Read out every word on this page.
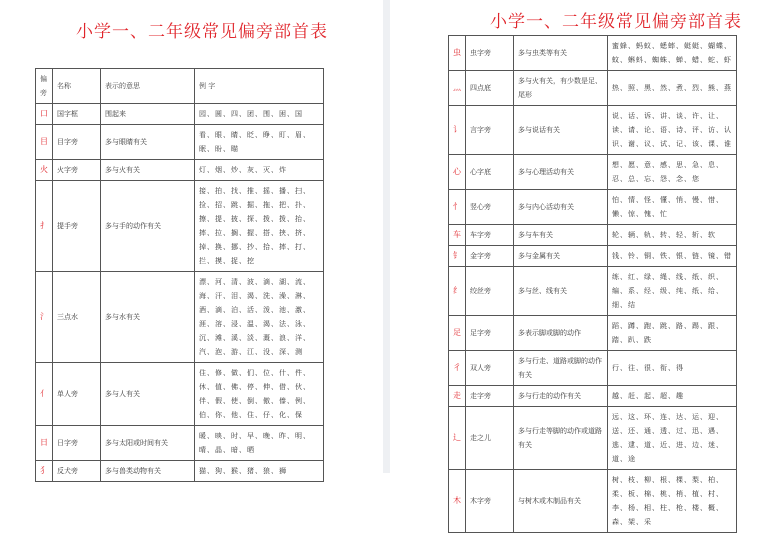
小学一、二年级常见偏旁部首表
偏旁	名称	表示的意思	例 字
口	国字框	围起来	园、圆、四、团、围、困、国
目	目字旁	多与眼睛有关	看、眼、睛、眨、睁、盯、眉、眠、盼、瞄
火	火字旁	多与火有关	灯、烟、炒、灰、灭、炸
扌	提手旁	多与手的动作有关	接、拍、找、推、摇、播、扫、捡、招、跳、掘、拖、把、扑、擦、提、披、探、拨、拨、抬、摔、拉、搁、握、搭、挟、挤、掉、换、挪、抄、拾、摔、打、拦、摸、捉、挖
氵	三点水	多与水有关	漂、河、清、波、滴、湖、流、海、汗、泪、渴、洗、澡、淋、酒、滴、泊、活、泼、池、激、涯、溶、浸、温、渴、法、泳、沉、滩、溪、淡、溉、浪、洋、汽、泡、游、江、没、深、测
亻	单人旁	多与人有关	住、修、做、们、位、什、件、休、值、佛、停、伸、借、伙、伴、假、使、倒、傲、傣、例、伯、你、他、住、仔、化、保
日	日字旁	多与太阳或时间有关	暖、映、时、早、晚、昨、明、晴、晶、暗、晒
犭	反犬旁	多与兽类动物有关	猫、狗、猴、猪、狼、狮
小学一、二年级常见偏旁部首表
虫	虫字旁	多与虫类等有关	蜜蜂、蚂蚁、蟋蟀、蜓蜓、蝴蝶、蚊、蝌蚪、蜘蛛、蝉、蜡、蛇、虾
灬	四点底	多与火有关，有少数是足、尾形	热、照、黑、然、煮、烈、熊、燕
讠	言字旁	多与说话有关	说、话、诉、讲、谈、许、让、读、请、论、语、诗、评、访、认识、谢、议、试、记、该、课、谁
心	心字底	多与心理活动有关	想、愿、意、感、思、急、息、忍、总、忘、怨、念、您
忄	竖心旁	多与内心活动有关	怕、情、怪、懂、悄、慢、惜、懒、惊、愧、忙
车	车字旁	多与车有关	轮、辆、轨、转、轻、斩、软
钅	金字旁	多与金属有关	钱、铃、铜、铁、银、链、镜、错
纟	绞丝旁	多与丝、线有关	练、红、绿、绳、线、纸、织、编、系、经、级、纯、纸、给、细、结
足	足字旁	多表示脚或脚的动作	蹈、蹲、跑、跳、路、踢、跟、踏、趴、跌
彳	双人旁	多与行走、道路或脚的动作有关	行、往、很、衔、得
走	走字旁	多与行走的动作有关	越、赶、起、超、趣
辶	走之儿	多与行走等脚的动作或道路有关	远、这、环、连、达、运、迎、送、还、通、透、过、迅、遇、逃、逮、道、近、进、边、迷、道、途
木	木字旁	与树木或木制品有关	树、枝、柳、根、棵、梨、柏、柔、板、棉、桃、梢、植、村、李、杨、相、柱、枪、楼、概、森、架、采
